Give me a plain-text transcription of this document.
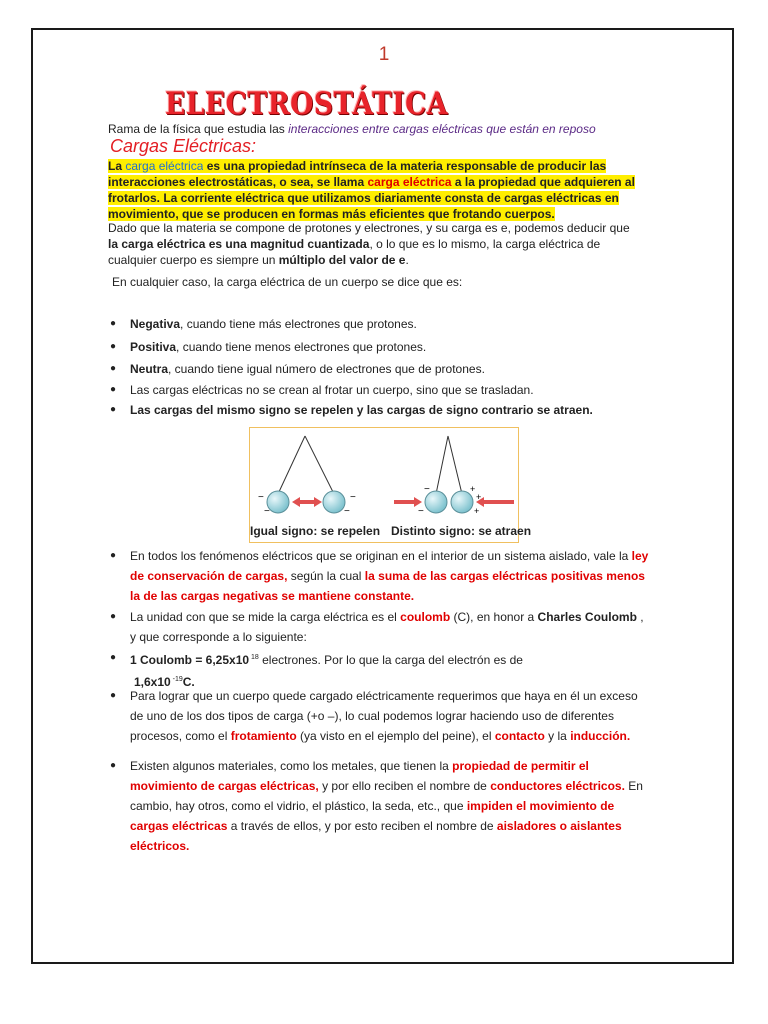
1
ELECTROSTÁTICA
Rama de la física que estudia las interacciones entre cargas eléctricas que están en reposo
Cargas Eléctricas:
La carga eléctrica es una propiedad intrínseca de la materia responsable de producir las interacciones electrostáticas, o sea, se llama carga eléctrica a la propiedad que adquieren al frotarlos. La corriente eléctrica que utilizamos diariamente consta de cargas eléctricas en movimiento, que se producen en formas más eficientes que frotando cuerpos.
Dado que la materia se compone de protones y electrones, y su carga es e, podemos deducir que la carga eléctrica es una magnitud cuantizada, o lo que es lo mismo, la carga eléctrica de cualquier cuerpo es siempre un múltiplo del valor de e.
En cualquier caso, la carga eléctrica de un cuerpo se dice que es:
● Negativa, cuando tiene más electrones que protones.
● Positiva, cuando tiene menos electrones que protones.
● Neutra, cuando tiene igual número de electrones que de protones.
● Las cargas eléctricas no se crean al frotar un cuerpo, sino que se trasladan.
● Las cargas del mismo signo se repelen y las cargas de signo contrario se atraen.
−
−
−
−
−
−
+
+
+
Igual signo: se repelen Distinto signo: se atraen
● En todos los fenómenos eléctricos que se originan en el interior de un sistema aislado, vale la ley de conservación de cargas, según la cual la suma de las cargas eléctricas positivas menos la de las cargas negativas se mantiene constante.
● La unidad con que se mide la carga eléctrica es el coulomb (C), en honor a Charles Coulomb , y que corresponde a lo siguiente:
● 1 Coulomb = 6,25x10 $^{18}$ electrones. Por lo que la carga del electrón es de
1,6x10 $^{-19}$C.
● Para lograr que un cuerpo quede cargado eléctricamente requerimos que haya en él un exceso de uno de los dos tipos de carga (+o –), lo cual podemos lograr haciendo uso de diferentes procesos, como el frotamiento (ya visto en el ejemplo del peine), el contacto y la inducción.
● Existen algunos materiales, como los metales, que tienen la propiedad de permitir el movimiento de cargas eléctricas, y por ello reciben el nombre de conductores eléctricos. En cambio, hay otros, como el vidrio, el plástico, la seda, etc., que impiden el movimiento de cargas eléctricas a través de ellos, y por esto reciben el nombre de aisladores o aislantes eléctricos.
